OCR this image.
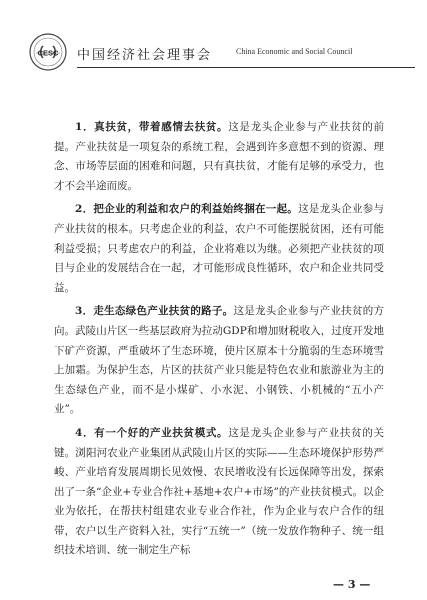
CESC 中国经济社会理事会	China Economic and Social Council

1．真扶贫，带着感情去扶贫。这是龙头企业参与产业扶贫的前提。产业扶贫是一项复杂的系统工程，会遇到许多意想不到的资源、理念、市场等层面的困难和问题，只有真扶贫，才能有足够的承受力，也才不会半途而废。

2．把企业的利益和农户的利益始终捆在一起。这是龙头企业参与产业扶贫的根本。只考虑企业的利益，农户不可能摆脱贫困，还有可能利益受损；只考虑农户的利益，企业将难以为继。必须把产业扶贫的项目与企业的发展结合在一起，才可能形成良性循环，农户和企业共同受益。

3．走生态绿色产业扶贫的路子。这是龙头企业参与产业扶贫的方向。武陵山片区一些基层政府为拉动GDP和增加财税收入，过度开发地下矿产资源，严重破坏了生态环境，使片区原本十分脆弱的生态环境雪上加霜。为保护生态，片区的扶贫产业只能是特色农业和旅游业为主的生态绿色产业，而不是小煤矿、小水泥、小钢铁、小机械的“五小产业”。

4．有一个好的产业扶贫模式。这是龙头企业参与产业扶贫的关键。浏阳河农业产业集团从武陵山片区的实际——生态环境保护形势严峻、产业培育发展周期长见效慢、农民增收没有长远保障等出发，探索出了一条“企业+专业合作社+基地+农户+市场”的产业扶贫模式。以企业为依托，在帮扶村组建农业专业合作社，作为企业与农户合作的纽带，农户以生产资料入社，实行“五统一”（统一发放作物种子、统一组织技术培训、统一制定生产标

— 3 —
